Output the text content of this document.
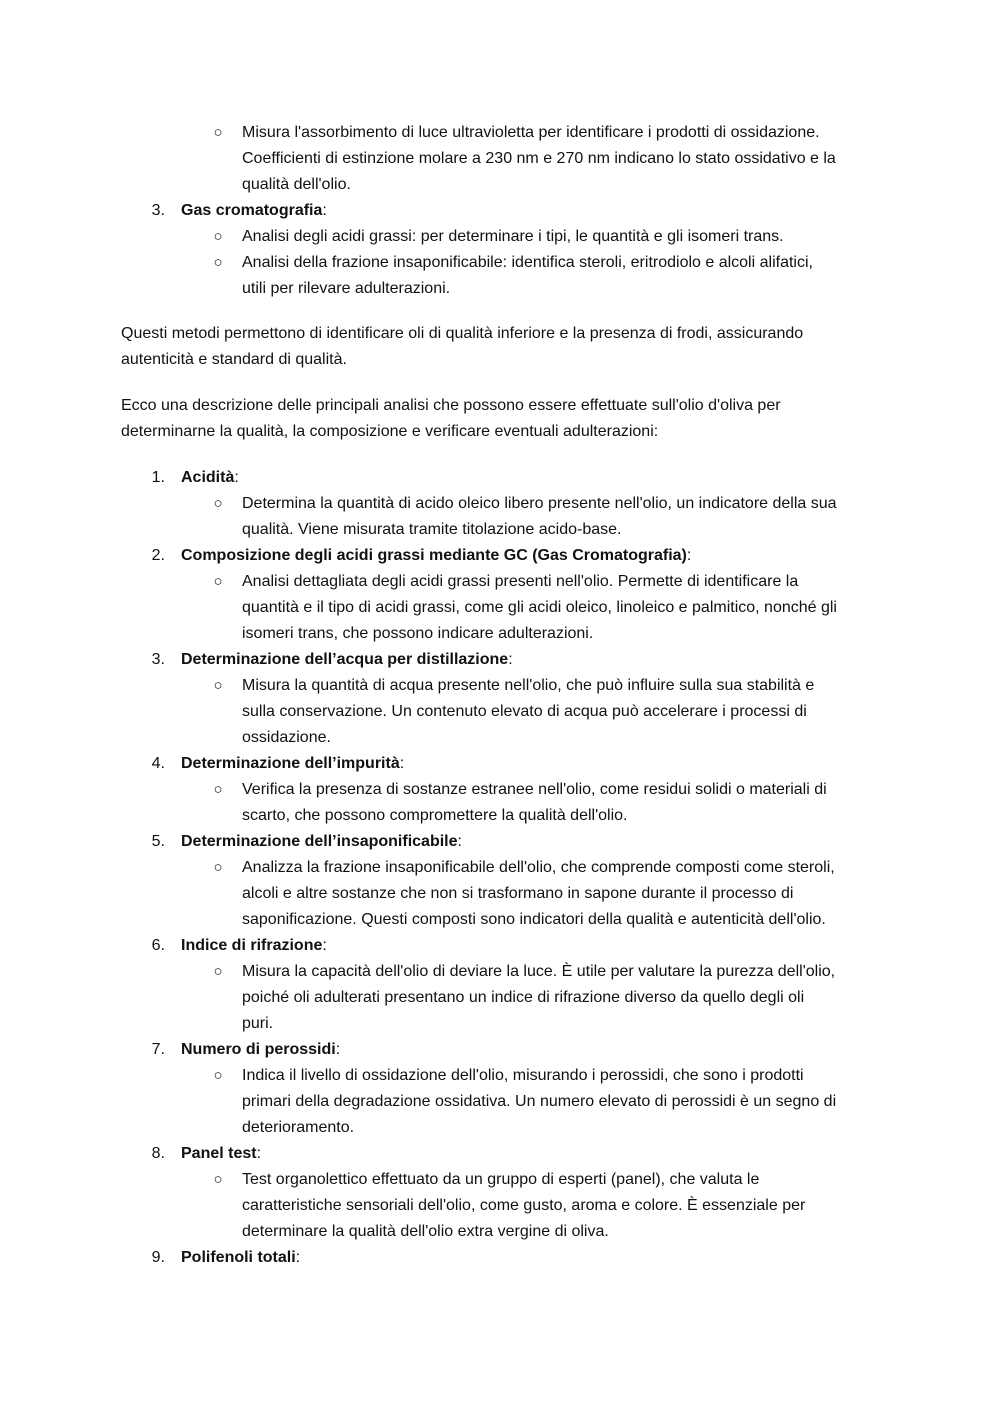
○ Misura l'assorbimento di luce ultravioletta per identificare i prodotti di ossidazione.
Coefficienti di estinzione molare a 230 nm e 270 nm indicano lo stato ossidativo e la
qualità dell'olio.
3. Gas cromatografia:
○ Analisi degli acidi grassi: per determinare i tipi, le quantità e gli isomeri trans.
○ Analisi della frazione insaponificabile: identifica steroli, eritrodiolo e alcoli alifatici,
utili per rilevare adulterazioni.
Questi metodi permettono di identificare oli di qualità inferiore e la presenza di frodi, assicurando
autenticità e standard di qualità.
Ecco una descrizione delle principali analisi che possono essere effettuate sull'olio d'oliva per
determinarne la qualità, la composizione e verificare eventuali adulterazioni:
1. Acidità:
○ Determina la quantità di acido oleico libero presente nell'olio, un indicatore della sua
qualità. Viene misurata tramite titolazione acido-base.
2. Composizione degli acidi grassi mediante GC (Gas Cromatografia):
○ Analisi dettagliata degli acidi grassi presenti nell'olio. Permette di identificare la
quantità e il tipo di acidi grassi, come gli acidi oleico, linoleico e palmitico, nonché gli
isomeri trans, che possono indicare adulterazioni.
3. Determinazione dell’acqua per distillazione:
○ Misura la quantità di acqua presente nell'olio, che può influire sulla sua stabilità e
sulla conservazione. Un contenuto elevato di acqua può accelerare i processi di
ossidazione.
4. Determinazione dell’impurità:
○ Verifica la presenza di sostanze estranee nell'olio, come residui solidi o materiali di
scarto, che possono compromettere la qualità dell'olio.
5. Determinazione dell’insaponificabile:
○ Analizza la frazione insaponificabile dell'olio, che comprende composti come steroli,
alcoli e altre sostanze che non si trasformano in sapone durante il processo di
saponificazione. Questi composti sono indicatori della qualità e autenticità dell'olio.
6. Indice di rifrazione:
○ Misura la capacità dell'olio di deviare la luce. È utile per valutare la purezza dell'olio,
poiché oli adulterati presentano un indice di rifrazione diverso da quello degli oli
puri.
7. Numero di perossidi:
○ Indica il livello di ossidazione dell'olio, misurando i perossidi, che sono i prodotti
primari della degradazione ossidativa. Un numero elevato di perossidi è un segno di
deterioramento.
8. Panel test:
○ Test organolettico effettuato da un gruppo di esperti (panel), che valuta le
caratteristiche sensoriali dell'olio, come gusto, aroma e colore. È essenziale per
determinare la qualità dell'olio extra vergine di oliva.
9. Polifenoli totali:
